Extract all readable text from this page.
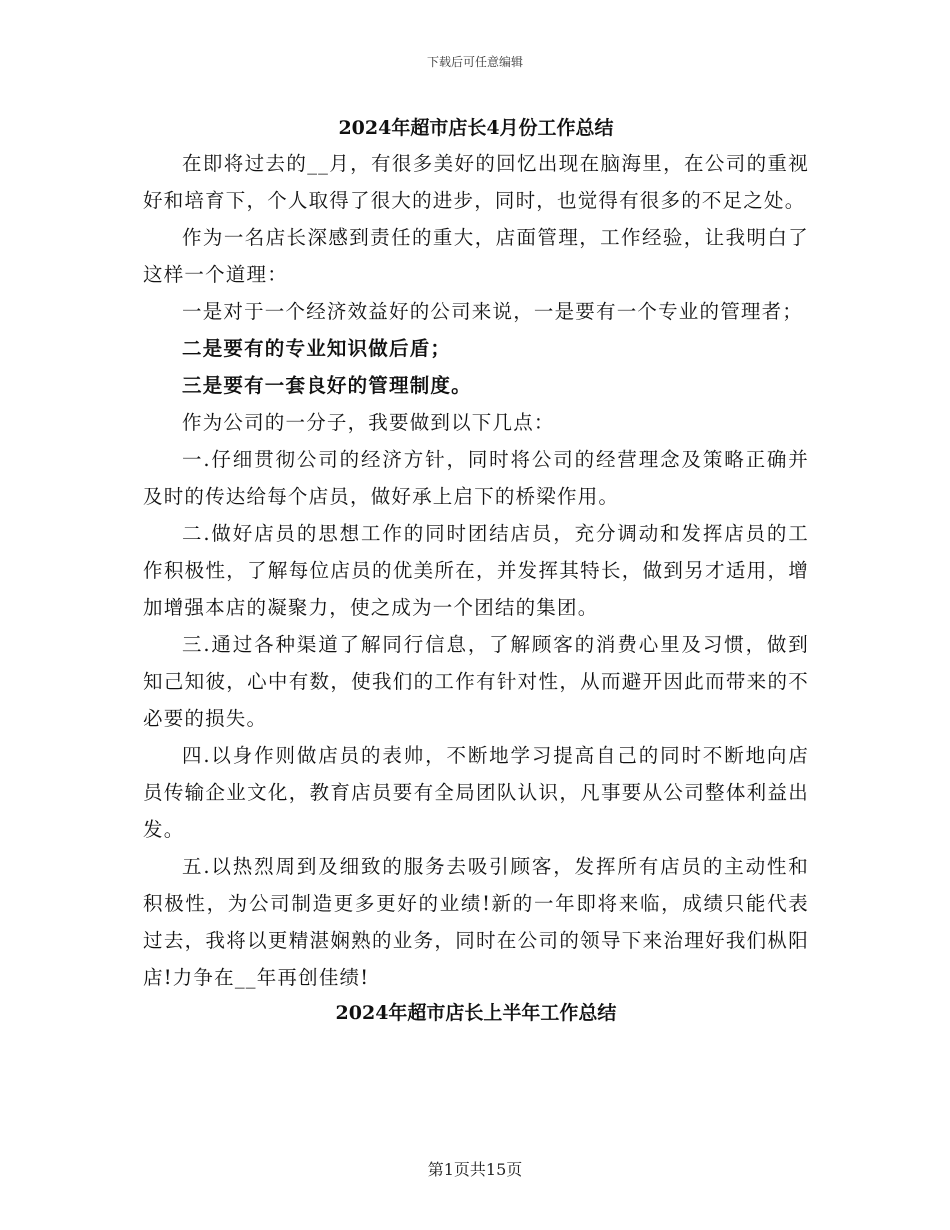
下载后可任意编辑
2024年超市店长4月份工作总结

在即将过去的__月，有很多美好的回忆出现在脑海里，在公司的重视好和培育下，个人取得了很大的进步，同时，也觉得有很多的不足之处。

作为一名店长深感到责任的重大，店面管理，工作经验，让我明白了这样一个道理：

一是对于一个经济效益好的公司来说，一是要有一个专业的管理者；

二是要有的专业知识做后盾；

三是要有一套良好的管理制度。

作为公司的一分子，我要做到以下几点：

一.仔细贯彻公司的经济方针，同时将公司的经营理念及策略正确并及时的传达给每个店员，做好承上启下的桥梁作用。

二.做好店员的思想工作的同时团结店员，充分调动和发挥店员的工作积极性，了解每位店员的优美所在，并发挥其特长，做到另才适用，增加增强本店的凝聚力，使之成为一个团结的集团。

三.通过各种渠道了解同行信息，了解顾客的消费心里及习惯，做到知己知彼，心中有数，使我们的工作有针对性，从而避开因此而带来的不必要的损失。

四.以身作则做店员的表帅，不断地学习提高自己的同时不断地向店员传输企业文化，教育店员要有全局团队认识，凡事要从公司整体利益出发。

五.以热烈周到及细致的服务去吸引顾客，发挥所有店员的主动性和积极性，为公司制造更多更好的业绩!新的一年即将来临，成绩只能代表过去，我将以更精湛娴熟的业务，同时在公司的领导下来治理好我们枞阳店!力争在__年再创佳绩!

2024年超市店长上半年工作总结
第1页共15页
